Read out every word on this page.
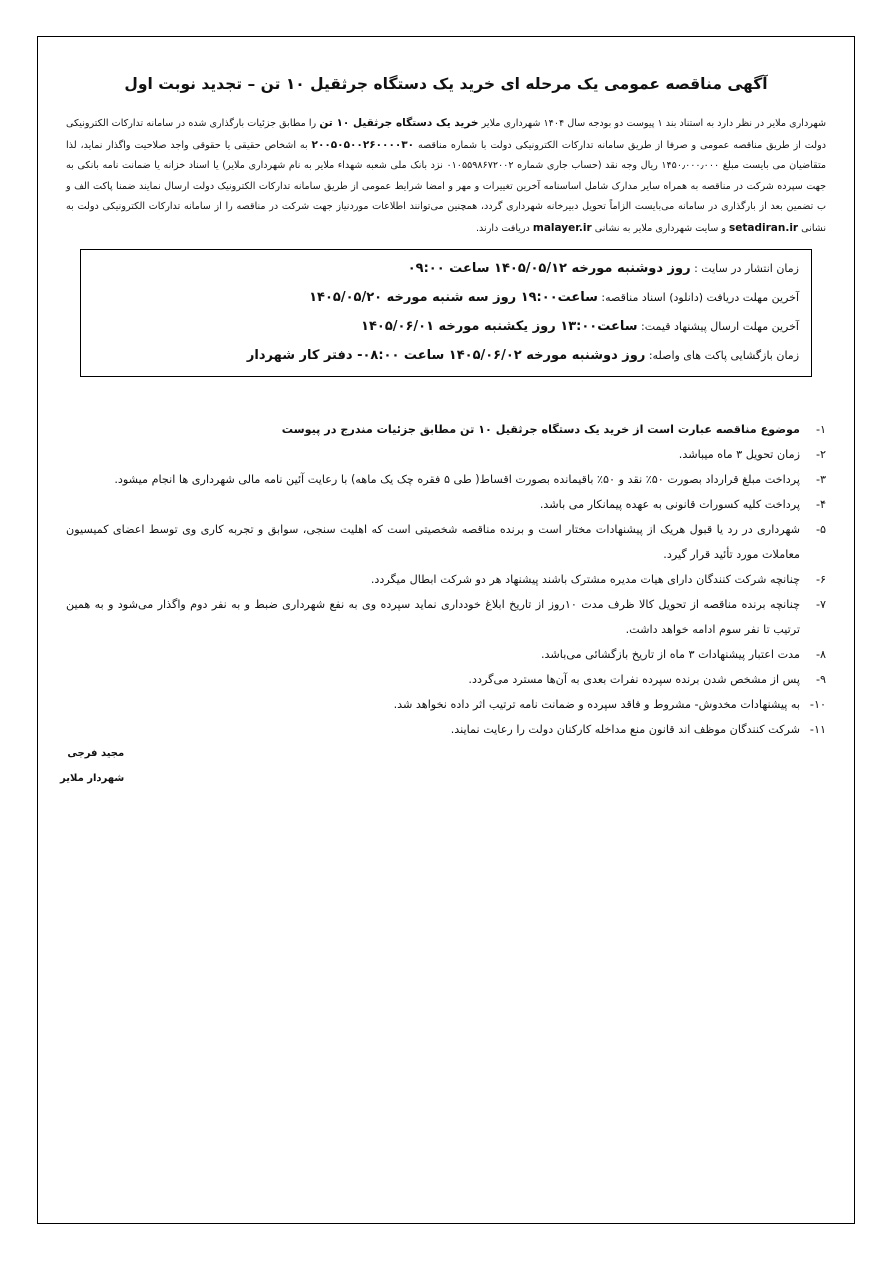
آگهی مناقصه عمومی یک مرحله ای خرید یک دستگاه جرثقیل ۱۰ تن – تجدید نوبت اول
شهرداری ملایر در نظر دارد به استناد بند ۱ پیوست دو بودجه سال ۱۴۰۴ شهرداری ملایر خرید یک دستگاه جرثقیل ۱۰ تن را مطابق جزئیات بارگذاری شده در سامانه تدارکات الکترونیکی دولت از طریق مناقصه عمومی و صرفا از طریق سامانه تدارکات الکترونیکی دولت با شماره مناقصه ۲۰۰۵۰۵۰۰۲۶۰۰۰۰۳۰ به اشخاص حقیقی یا حقوقی واجد صلاحیت واگذار نماید، لذا متقاضیان می بایست مبلغ ۱۴۵۰٫۰۰۰٫۰۰۰ ریال وجه نقد (حساب جاری شماره ۰۱۰۵۵۹۸۶۷۲۰۰۲ نزد بانک ملی شعبه شهداء ملایر به نام شهرداری ملایر) یا اسناد خزانه یا ضمانت نامه بانکی به جهت سپرده شرکت در مناقصه به همراه سایر مدارک شامل اساسنامه آخرین تغییرات و مهر و امضا شرایط عمومی از طریق سامانه تدارکات الکترونیک دولت ارسال نمایند ضمنا پاکت الف و ب تضمین بعد از بارگذاری در سامانه می‌بایست الزاماً تحویل دبیرخانه شهرداری گردد، همچنین می‌توانند اطلاعات موردنیاز جهت شرکت در مناقصه را از سامانه تدارکات الکترونیکی دولت به نشانی setadiran.ir و سایت شهرداری ملایر به نشانی malayer.ir دریافت دارند.
زمان انتشار در سایت : روز دوشنبه مورخه ۱۴۰۵/۰۵/۱۲ ساعت ۰۹:۰۰
آخرین مهلت دریافت (دانلود) اسناد مناقصه: ساعت۱۹:۰۰ روز سه شنبه مورخه ۱۴۰۵/۰۵/۲۰
آخرین مهلت ارسال پیشنهاد قیمت: ساعت۱۳:۰۰ روز یکشنبه مورخه ۱۴۰۵/۰۶/۰۱
زمان بازگشایی پاکت های واصله: روز دوشنبه مورخه ۱۴۰۵/۰۶/۰۲ ساعت ۰۸:۰۰- دفتر کار شهردار
۱-
موضوع مناقصه عبارت است از خرید یک دستگاه جرثقیل ۱۰ تن مطابق جزئیات مندرج در پیوست
۲-
زمان تحویل ۳ ماه میباشد.
۳-
پرداخت مبلغ قرارداد بصورت ۵۰٪ نقد و ۵۰٪ باقیمانده بصورت اقساط( طی ۵ فقره چک یک ماهه) با رعایت آئین نامه مالی شهرداری ها انجام میشود.
۴-
پرداخت کلیه کسورات قانونی به عهده پیمانکار می باشد.
۵-
شهرداری در رد یا قبول هریک از پیشنهادات مختار است و برنده مناقصه شخصیتی است که اهلیت سنجی، سوابق و تجربه کاری وی توسط اعضای کمیسیون معاملات مورد تأئید قرار گیرد.
۶-
چنانچه شرکت کنندگان دارای هیات مدیره مشترک باشند پیشنهاد هر دو شرکت ابطال میگردد.
۷-
چنانچه برنده مناقصه از تحویل کالا ظرف مدت ۱۰روز از تاریخ ابلاغ خودداری نماید سپرده وی به نفع شهرداری ضبط و به نفر دوم واگذار می‌شود و به همین ترتیب تا نفر سوم ادامه خواهد داشت.
۸-
مدت اعتبار پیشنهادات ۳ ماه از تاریخ بازگشائی می‌باشد.
۹-
پس از مشخص شدن برنده سپرده نفرات بعدی به آن‌ها مسترد می‌گردد.
۱۰-
به پیشنهادات مخدوش- مشروط و فاقد سپرده و ضمانت نامه ترتیب اثر داده نخواهد شد.
۱۱-
شرکت کنندگان موظف اند قانون منع مداخله کارکنان دولت را رعایت نمایند.
مجید فرجی
شهردار ملایر
